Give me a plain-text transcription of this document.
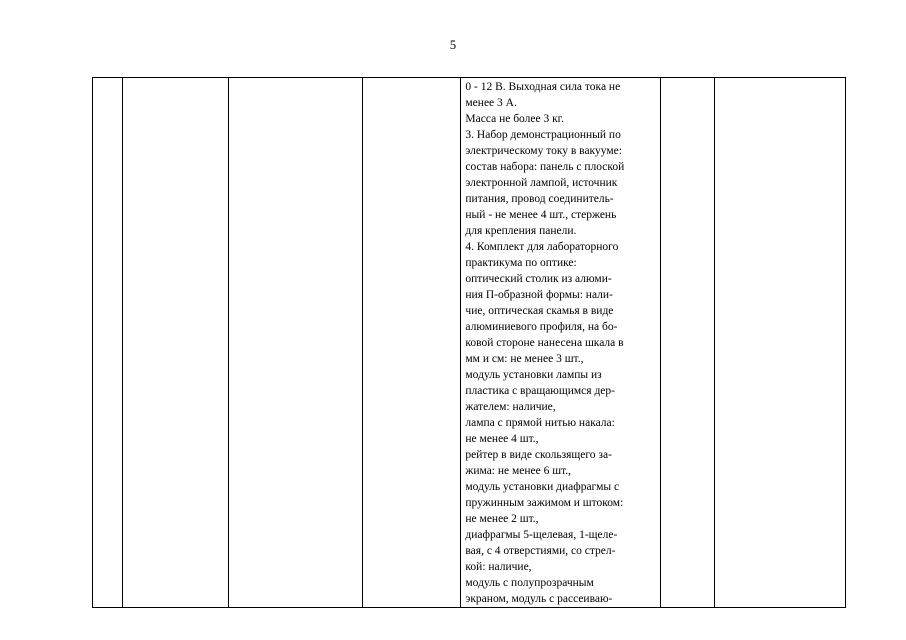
5

0 - 12 В. Выходная сила тока не
менее 3 А.
Масса не более 3 кг.
3. Набор демонстрационный по
электрическому току в вакууме:
состав набора: панель с плоской
электронной лампой, источник
питания, провод соединитель-
ный - не менее 4 шт., стержень
для крепления панели.
4. Комплект для лабораторного
практикума по оптике:
оптический столик из алюми-
ния П-образной формы: нали-
чие, оптическая скамья в виде
алюминиевого профиля, на бо-
ковой стороне нанесена шкала в
мм и см: не менее 3 шт.,
модуль установки лампы из
пластика с вращающимся дер-
жателем: наличие,
лампа с прямой нитью накала:
не менее 4 шт.,
рейтер в виде скользящего за-
жима: не менее 6 шт.,
модуль установки диафрагмы с
пружинным зажимом и штоком:
не менее 2 шт.,
диафрагмы 5-щелевая, 1-щеле-
вая, с 4 отверстиями, со стрел-
кой: наличие,
модуль с полупрозрачным
экраном, модуль с рассеиваю-
